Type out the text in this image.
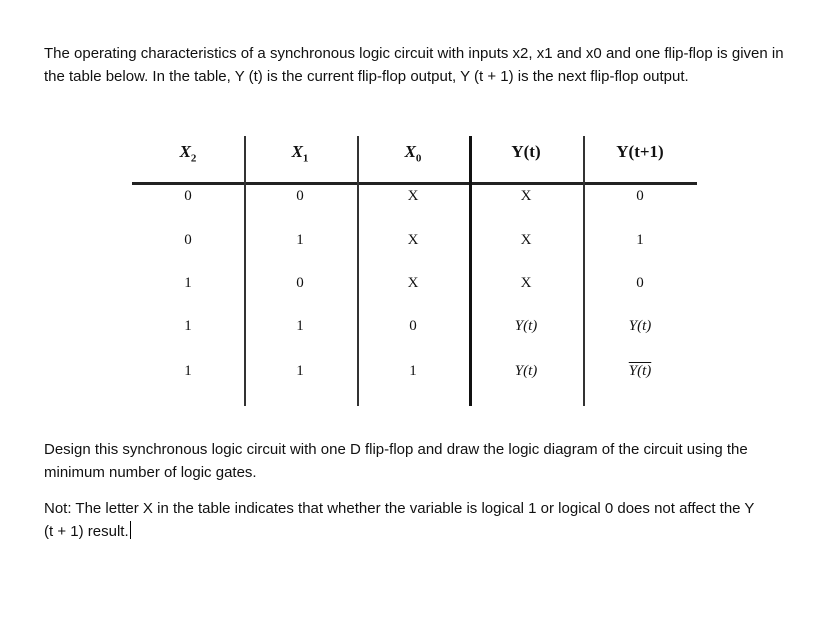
The operating characteristics of a synchronous logic circuit with inputs x2, x1 and x0 and one flip-flop is given in the table below. In the table, Y (t) is the current flip-flop output, Y (t + 1) is the next flip-flop output.

$X_2$	$X_1$	$X_0$	Y(t)	Y(t+1)
0	0	X	X	0
0	1	X	X	1
1	0	X	X	0
1	1	0	Y(t)	Y(t)
1	1	1	Y(t)	Y(t)

Design this synchronous logic circuit with one D flip-flop and draw the logic diagram of the circuit using the minimum number of logic gates.

Not: The letter X in the table indicates that whether the variable is logical 1 or logical 0 does not affect the Y (t + 1) result.
